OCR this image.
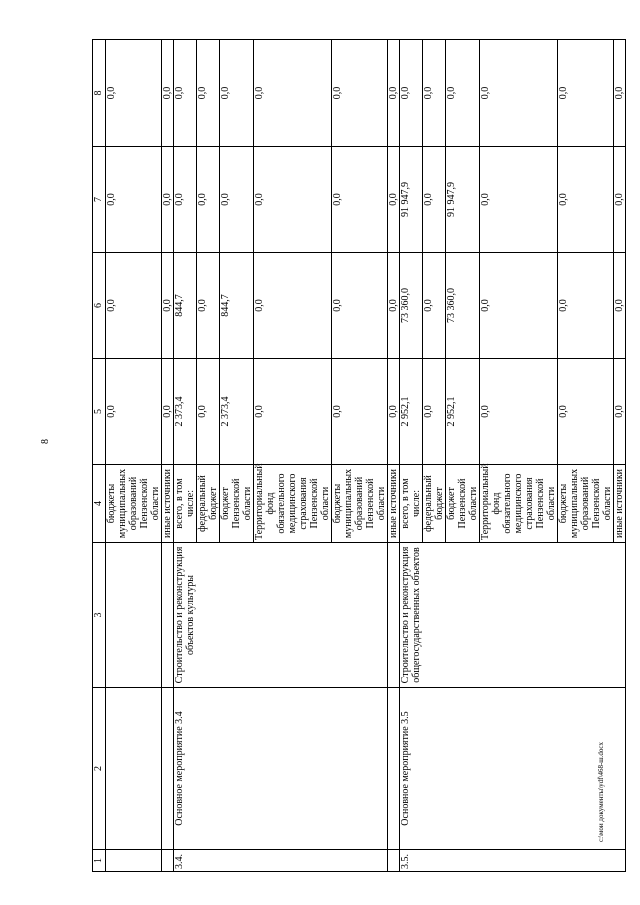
8
1	2	3	4	5	6	7	8
			бюджеты муниципальных образований Пензенской области	0,0	0,0	0,0	0,0
			иные источники	0,0	0,0	0,0	0,0
3.4.	Основное мероприятие 3.4	Строительство и реконструкция объектов культуры	всего, в том числе:	2 373,4	844,7	0,0	0,0
			федеральный бюджет	0,0	0,0	0,0	0,0
			бюджет Пензенской области	2 373,4	844,7	0,0	0,0
			Территориальный фонд обязательного медицинского страхования Пензенской области	0,0	0,0	0,0	0,0
			бюджеты муниципальных образований Пензенской области	0,0	0,0	0,0	0,0
			иные источники	0,0	0,0	0,0	0,0
3.5.	Основное мероприятие 3.5	Строительство и реконструкция общегосударственных объектов	всего, в том числе:	2 952,1	73 360,0	91 947,9	0,0
			федеральный бюджет	0,0	0,0	0,0	0,0
			бюджет Пензенской области	2 952,1	73 360,0	91 947,9	0,0
			Территориальный фонд обязательного медицинского страхования Пензенской области	0,0	0,0	0,0	0,0
			бюджеты муниципальных образований Пензенской области	0,0	0,0	0,0	0,0
			иные источники	0,0	0,0	0,0	0,0
c:\мои документы\ydf\468-ш.docx
